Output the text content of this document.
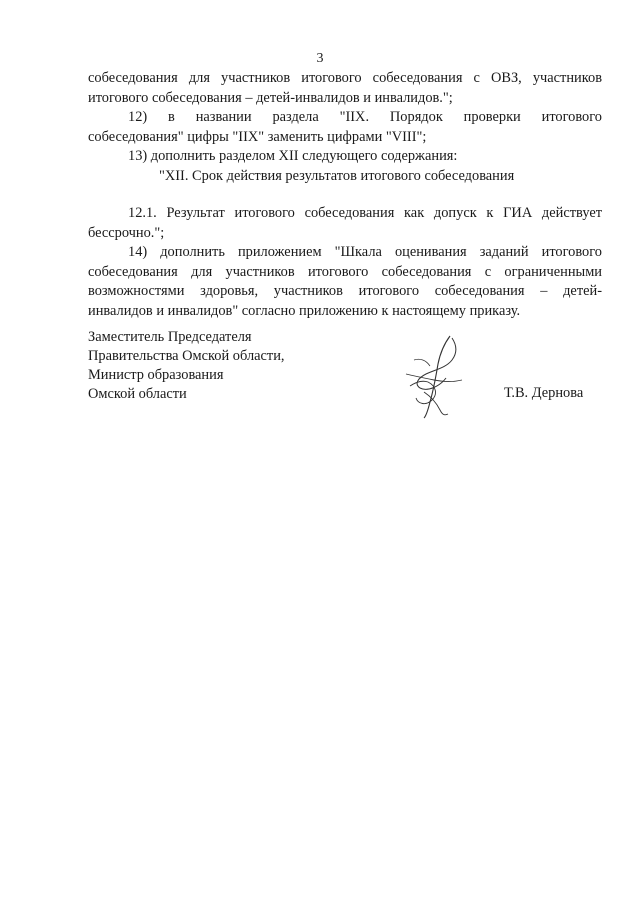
3
собеседования для участников итогового собеседования с ОВЗ, участников
итогового собеседования – детей-инвалидов и инвалидов.";
12) в названии раздела "IIX. Порядок проверки итогового
собеседования" цифры "IIX" заменить цифрами "VIII";
13) дополнить разделом XII следующего содержания:
"XII. Срок действия результатов итогового собеседования
12.1. Результат итогового собеседования как допуск к ГИА действует
бессрочно.";
14) дополнить приложением "Шкала оценивания заданий итогового
собеседования для участников итогового собеседования с ограниченными
возможностями здоровья, участников итогового собеседования – детей-
инвалидов и инвалидов" согласно приложению к настоящему приказу.
Заместитель Председателя
Правительства Омской области,
Министр образования
Омской области	Т.В. Дернова
